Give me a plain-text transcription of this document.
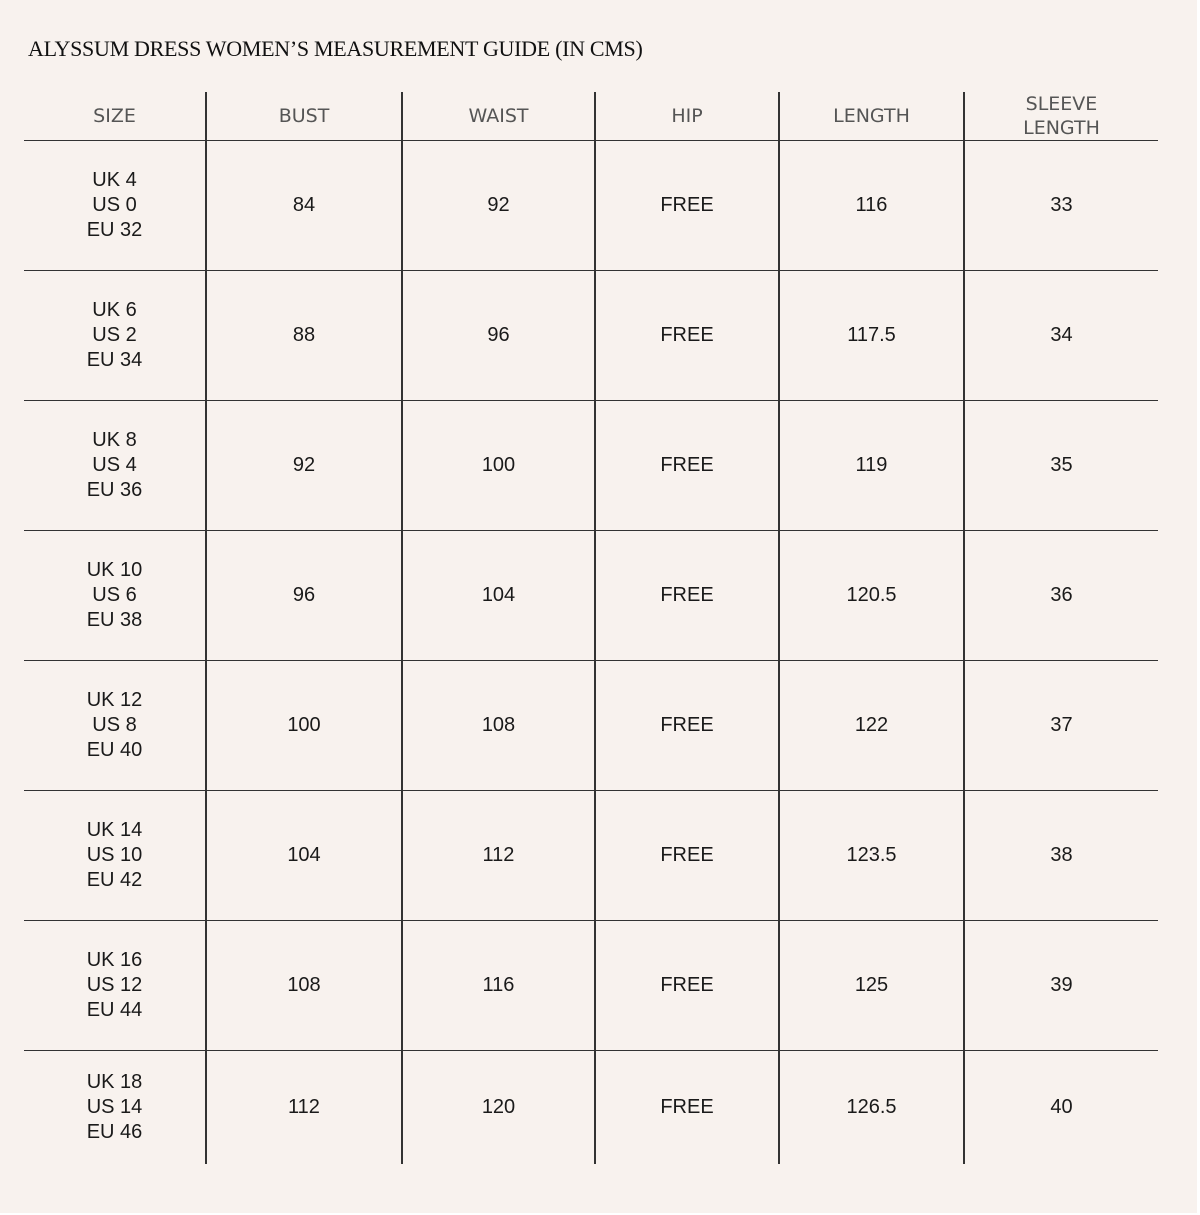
ALYSSUM DRESS WOMEN’S MEASUREMENT GUIDE (IN CMS)
SIZE	BUST	WAIST	HIP	LENGTH	SLEEVE
LENGTH

UK 4
US 0
EU 32	84	92	FREE	116	33

UK 6
US 2
EU 34	88	96	FREE	117.5	34

UK 8
US 4
EU 36	92	100	FREE	119	35

UK 10
US 6
EU 38	96	104	FREE	120.5	36

UK 12
US 8
EU 40	100	108	FREE	122	37

UK 14
US 10
EU 42	104	112	FREE	123.5	38

UK 16
US 12
EU 44	108	116	FREE	125	39

UK 18
US 14
EU 46	112	120	FREE	126.5	40
